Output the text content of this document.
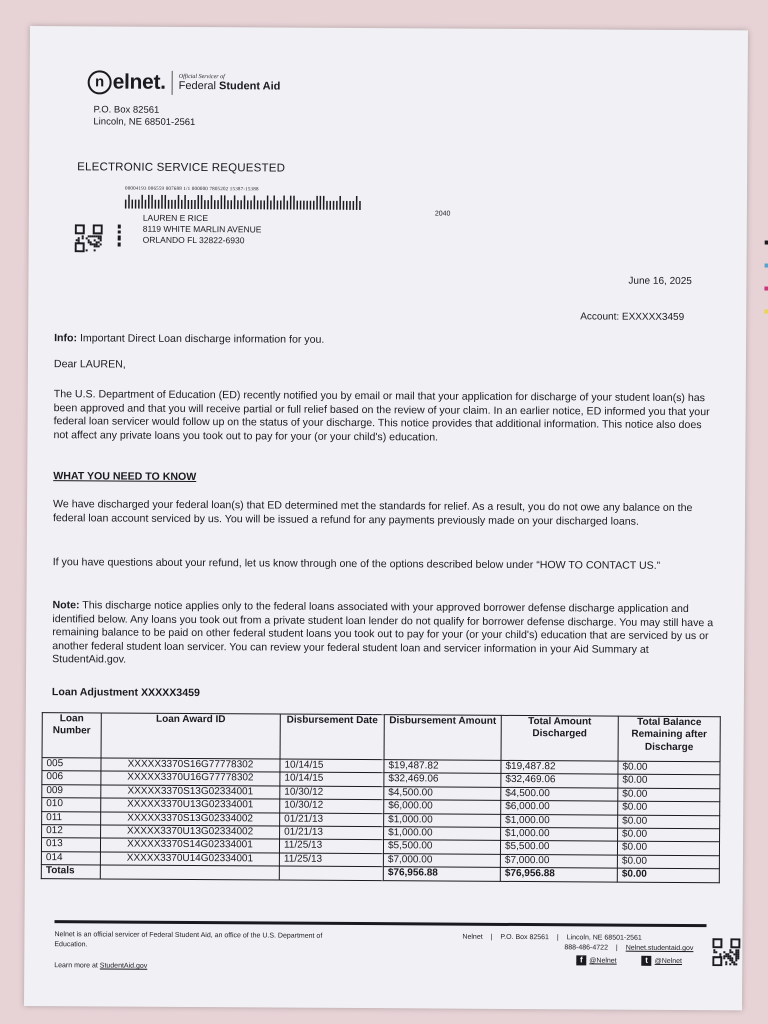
n elnet. Official Servicer of
Federal Student Aid
P.O. Box 82561
Lincoln, NE 68501-2561
ELECTRONIC SERVICE REQUESTED
00004193 006559 007688 1/1 000000 7805202 15387-15388
LAUREN E RICE
8119 WHITE MARLIN AVENUE
ORLANDO FL 32822-6930
2040
June 16, 2025
Account: EXXXXX3459
Info: Important Direct Loan discharge information for you.
Dear LAUREN,
The U.S. Department of Education (ED) recently notified you by email or mail that your application for discharge of your student loan(s) has been approved and that you will receive partial or full relief based on the review of your claim. In an earlier notice, ED informed you that your federal loan servicer would follow up on the status of your discharge. This notice provides that additional information. This notice also does not affect any private loans you took out to pay for your (or your child's) education.
WHAT YOU NEED TO KNOW
We have discharged your federal loan(s) that ED determined met the standards for relief. As a result, you do not owe any balance on the federal loan account serviced by us. You will be issued a refund for any payments previously made on your discharged loans.
If you have questions about your refund, let us know through one of the options described below under “HOW TO CONTACT US.”
Note: This discharge notice applies only to the federal loans associated with your approved borrower defense discharge application and identified below. Any loans you took out from a private student loan lender do not qualify for borrower defense discharge. You may still have a remaining balance to be paid on other federal student loans you took out to pay for your (or your child's) education that are serviced by us or another federal student loan servicer. You can review your federal student loan and servicer information in your Aid Summary at StudentAid.gov.
Loan Adjustment XXXXX3459
Loan Number	Loan Award ID	Disbursement Date	Disbursement Amount	Total Amount Discharged	Total Balance Remaining after Discharge
005	XXXXX3370S16G77778302	10/14/15	$19,487.82	$19,487.82	$0.00
006	XXXXX3370U16G77778302	10/14/15	$32,469.06	$32,469.06	$0.00
009	XXXXX3370S13G02334001	10/30/12	$4,500.00	$4,500.00	$0.00
010	XXXXX3370U13G02334001	10/30/12	$6,000.00	$6,000.00	$0.00
011	XXXXX3370S13G02334002	01/21/13	$1,000.00	$1,000.00	$0.00
012	XXXXX3370U13G02334002	01/21/13	$1,000.00	$1,000.00	$0.00
013	XXXXX3370S14G02334001	11/25/13	$5,500.00	$5,500.00	$0.00
014	XXXXX3370U14G02334001	11/25/13	$7,000.00	$7,000.00	$0.00
Totals			$76,956.88	$76,956.88	$0.00
Nelnet is an official servicer of Federal Student Aid, an office of the U.S. Department of Education.
Learn more at StudentAid.gov
Nelnet | P.O. Box 82561 | Lincoln, NE 68501-2561
888-486-4722 | Nelnet.studentaid.gov
f @Nelnet	t @Nelnet
